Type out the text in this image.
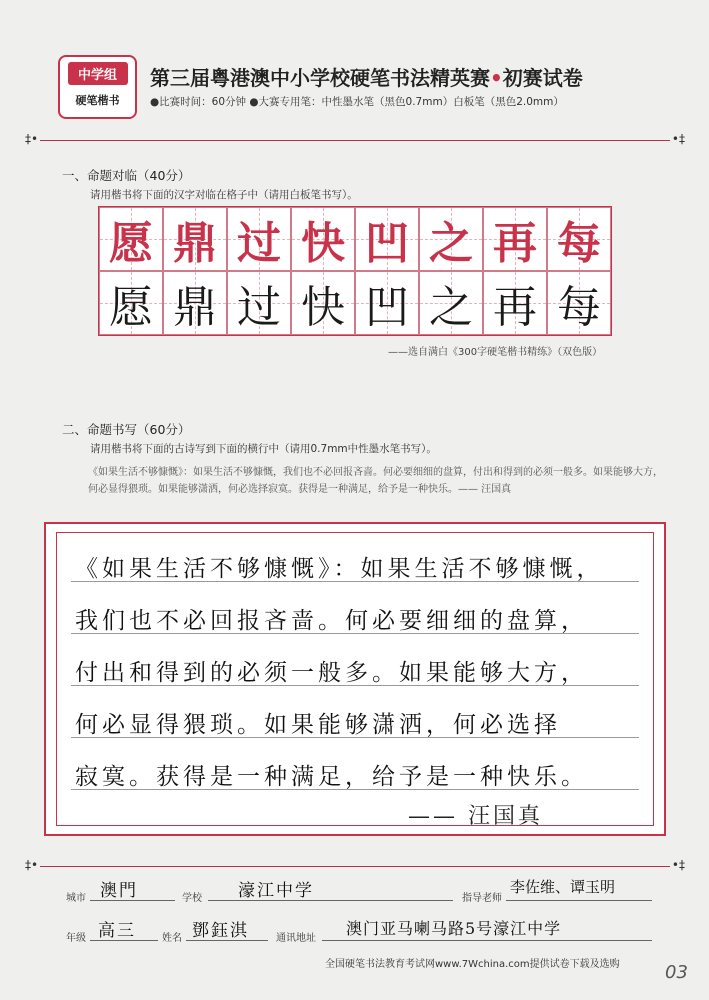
中学组
硬笔楷书
第三届粤港澳中小学校硬笔书法精英赛•初赛试卷
●比赛时间：60分钟 ●大赛专用笔：中性墨水笔（黑色0.7mm）白板笔（黑色2.0mm）
‡•	•‡
一、命题对临（40分）
请用楷书将下面的汉字对临在格子中（请用白板笔书写）。
愿 鼎 过 快 凹 之 再 每
愿 鼎 过 快 凹 之 再 每
——选自满白《300字硬笔楷书精练》（双色版）
二、命题书写（60分）
请用楷书将下面的古诗写到下面的横行中（请用0.7mm中性墨水笔书写）。
《如果生活不够慷慨》：如果生活不够慷慨，我们也不必回报吝啬。何必要细细的盘算，付出和得到的必须一般多。如果能够大方，何必显得猥琐。如果能够潇洒，何必选择寂寞。获得是一种满足，给予是一种快乐。—— 汪国真
《如果生活不够慷慨》：如果生活不够慷慨，
我们也不必回报吝啬。何必要细细的盘算，
付出和得到的必须一般多。如果能够大方，
何必显得猥琐。如果能够潇洒，何必选择
寂寞。获得是一种满足，给予是一种快乐。
—— 汪国真
‡•	•‡
城市 澳門	学校 濠江中学	指导老师
李佐维、谭玉明
年级 高三	姓名 鄧鈺淇	通讯地址
澳门亚马喇马路5号濠江中学
全国硬笔书法教育考试网www.7Wchina.com提供试卷下载及选购	03
